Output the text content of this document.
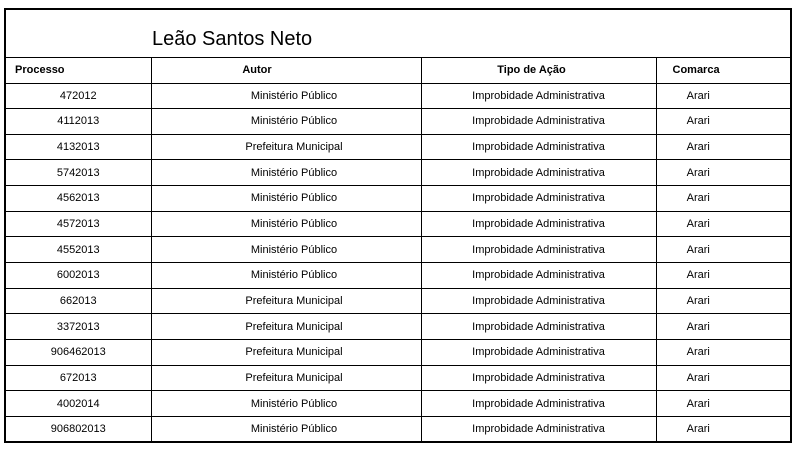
Leão Santos Neto
Processo	Autor	Tipo de Ação	Comarca
472012	Ministério Público	Improbidade Administrativa	Arari
4112013	Ministério Público	Improbidade Administrativa	Arari
4132013	Prefeitura Municipal	Improbidade Administrativa	Arari
5742013	Ministério Público	Improbidade Administrativa	Arari
4562013	Ministério Público	Improbidade Administrativa	Arari
4572013	Ministério Público	Improbidade Administrativa	Arari
4552013	Ministério Público	Improbidade Administrativa	Arari
6002013	Ministério Público	Improbidade Administrativa	Arari
662013	Prefeitura Municipal	Improbidade Administrativa	Arari
3372013	Prefeitura Municipal	Improbidade Administrativa	Arari
906462013	Prefeitura Municipal	Improbidade Administrativa	Arari
672013	Prefeitura Municipal	Improbidade Administrativa	Arari
4002014	Ministério Público	Improbidade Administrativa	Arari
906802013	Ministério Público	Improbidade Administrativa	Arari
